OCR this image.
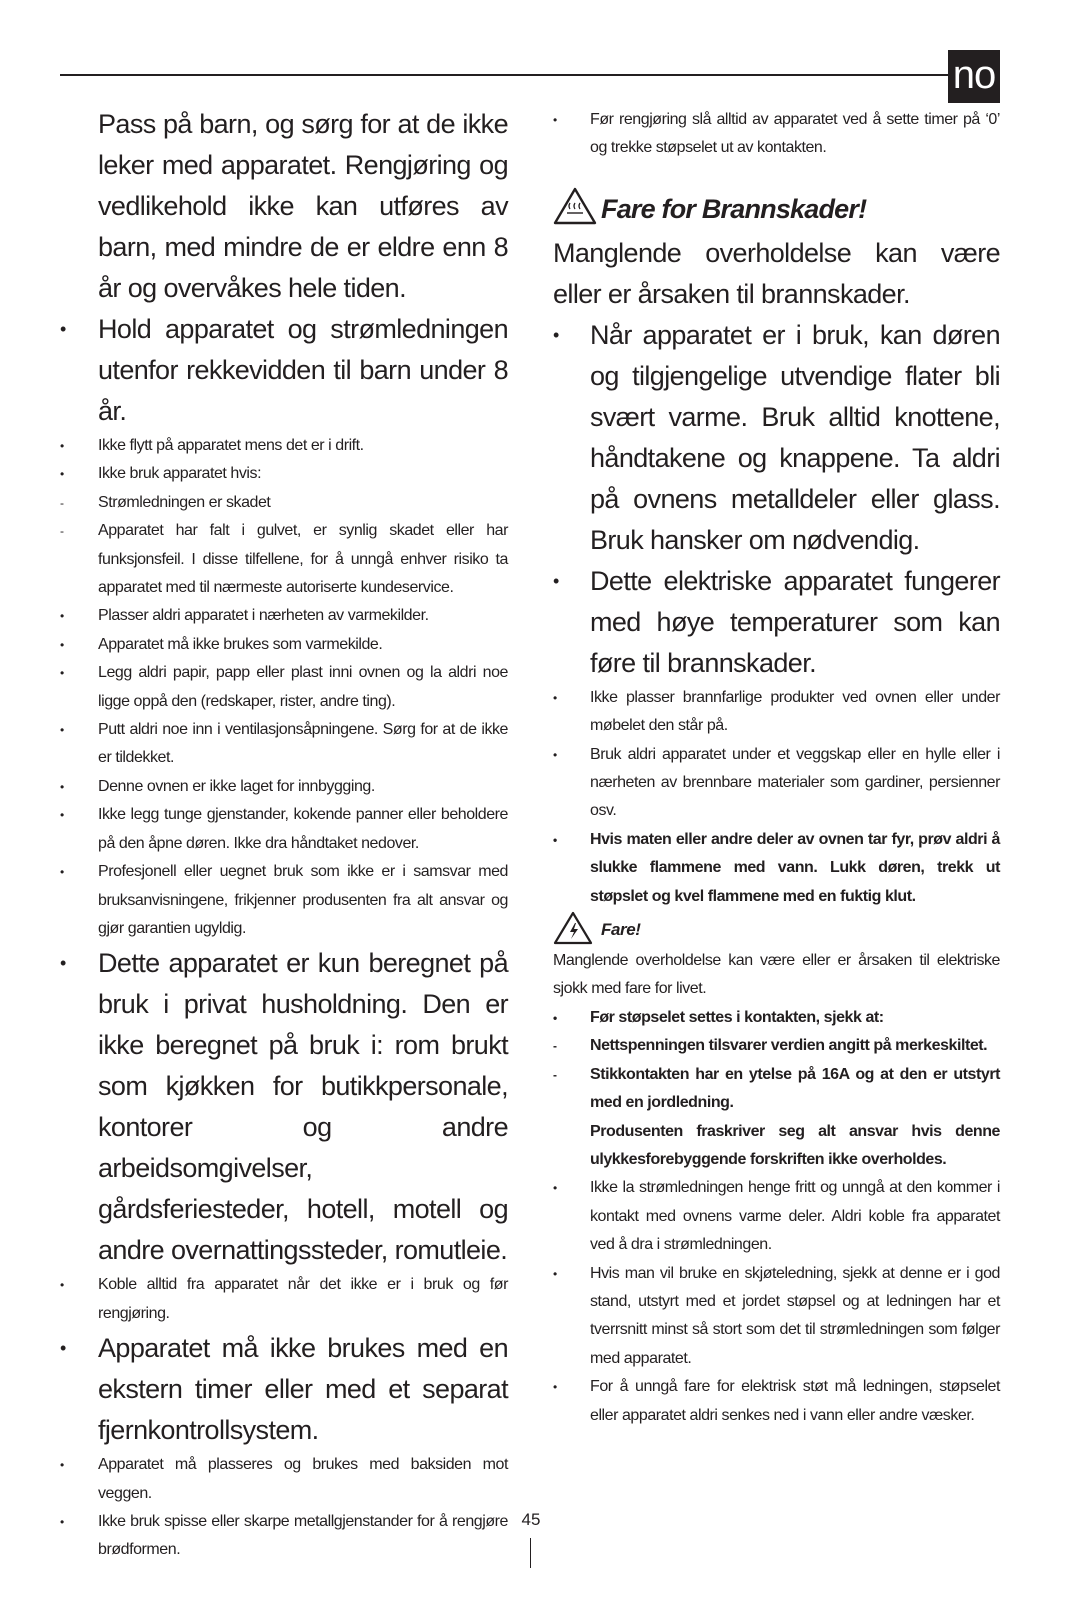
no
Pass på barn, og sørg for at de ikke leker med apparatet. Rengjøring og vedlikehold ikke kan utføres av barn, med mindre de er eldre enn 8 år og overvåkes hele tiden.
• Hold apparatet og strømledningen utenfor rekkevidden til barn under 8 år.
• Ikke flytt på apparatet mens det er i drift.
• Ikke bruk apparatet hvis:
- Strømledningen er skadet
- Apparatet har falt i gulvet, er synlig skadet eller har funksjonsfeil. I disse tilfellene, for å unngå enhver risiko ta apparatet med til nærmeste autoriserte kundeservice.
• Plasser aldri apparatet i nærheten av varmekilder.
• Apparatet må ikke brukes som varmekilde.
• Legg aldri papir, papp eller plast inni ovnen og la aldri noe ligge oppå den (redskaper, rister, andre ting).
• Putt aldri noe inn i ventilasjonsåpningene. Sørg for at de ikke er tildekket.
• Denne ovnen er ikke laget for innbygging.
• Ikke legg tunge gjenstander, kokende panner eller beholdere på den åpne døren. Ikke dra håndtaket nedover.
• Profesjonell eller uegnet bruk som ikke er i samsvar med bruksanvisningene, frikjenner produsenten fra alt ansvar og gjør garantien ugyldig.
• Dette apparatet er kun beregnet på bruk i privat husholdning. Den er ikke beregnet på bruk i: rom brukt som kjøkken for butikkpersonale, kontorer og andre arbeidsomgivelser, gårdsferiesteder, hotell, motell og andre overnattingssteder, romutleie.
• Koble alltid fra apparatet når det ikke er i bruk og før rengjøring.
• Apparatet må ikke brukes med en ekstern timer eller med et separat fjernkontrollsystem.
• Apparatet må plasseres og brukes med baksiden mot veggen.
• Ikke bruk spisse eller skarpe metallgjenstander for å rengjøre brødformen.
• Før rengjøring slå alltid av apparatet ved å sette timer på ‘0’ og trekke støpselet ut av kontakten.
Fare for Brannskader!
Manglende overholdelse kan være eller er årsaken til brannskader.
• Når apparatet er i bruk, kan døren og tilgjengelige utvendige flater bli svært varme. Bruk alltid knottene, håndtakene og knappene. Ta aldri på ovnens metalldeler eller glass. Bruk hansker om nødvendig.
• Dette elektriske apparatet fungerer med høye temperaturer som kan føre til brannskader.
• Ikke plasser brannfarlige produkter ved ovnen eller under møbelet den står på.
• Bruk aldri apparatet under et veggskap eller en hylle eller i nærheten av brennbare materialer som gardiner, persienner osv.
• Hvis maten eller andre deler av ovnen tar fyr, prøv aldri å slukke flammene med vann. Lukk døren, trekk ut støpslet og kvel flammene med en fuktig klut.
Fare!
Manglende overholdelse kan være eller er årsaken til elektriske sjokk med fare for livet.
• Før støpselet settes i kontakten, sjekk at:
- Nettspenningen tilsvarer verdien angitt på merkeskiltet.
- Stikkontakten har en ytelse på 16A og at den er utstyrt med en jordledning.
Produsenten fraskriver seg alt ansvar hvis denne ulykkesforebyggende forskriften ikke overholdes.
• Ikke la strømledningen henge fritt og unngå at den kommer i kontakt med ovnens varme deler. Aldri koble fra apparatet ved å dra i strømledningen.
• Hvis man vil bruke en skjøteledning, sjekk at denne er i god stand, utstyrt med et jordet støpsel og at ledningen har et tverrsnitt minst så stort som det til strømledningen som følger med apparatet.
• For å unngå fare for elektrisk støt må ledningen, støpselet eller apparatet aldri senkes ned i vann eller andre væsker.
45
